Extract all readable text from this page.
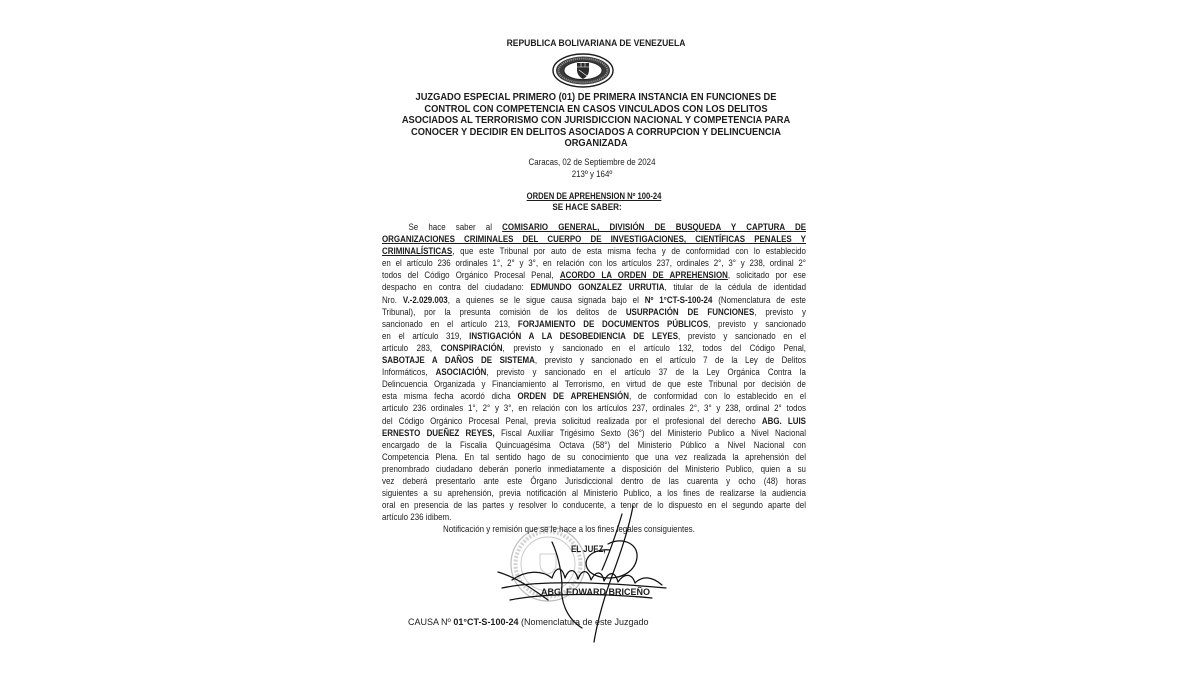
REPUBLICA BOLIVARIANA DE VENEZUELA
JUZGADO ESPECIAL PRIMERO (01) DE PRIMERA INSTANCIA EN FUNCIONES DE
CONTROL CON COMPETENCIA EN CASOS VINCULADOS CON LOS DELITOS
ASOCIADOS AL TERRORISMO CON JURISDICCION NACIONAL Y COMPETENCIA PARA
CONOCER Y DECIDIR EN DELITOS ASOCIADOS A CORRUPCION Y DELINCUENCIA
ORGANIZADA
Caracas, 02 de Septiembre de 2024
213º y 164º
ORDEN DE APREHENSION Nº 100-24
SE HACE SABER:
Se hace saber al COMISARIO GENERAL, DIVISIÓN DE BUSQUEDA Y CAPTURA DE
ORGANIZACIONES CRIMINALES DEL CUERPO DE INVESTIGACIONES, CIENTÍFICAS PENALES Y
CRIMINALÍSTICAS, que este Tribunal por auto de esta misma fecha y de conformidad con lo establecido
en el artículo 236 ordinales 1°, 2° y 3°, en relación con los artículos 237, ordinales 2°, 3° y 238, ordinal 2°
todos del Código Orgánico Procesal Penal, ACORDO LA ORDEN DE APREHENSION, solicitado por ese
despacho en contra del ciudadano: EDMUNDO GONZALEZ URRUTIA, titular de la cédula de identidad
Nro. V.-2.029.003, a quienes se le sigue causa signada bajo el Nº 1°CT-S-100-24 (Nomenclatura de este
Tribunal), por la presunta comisión de los delitos de USURPACIÓN DE FUNCIONES, previsto y
sancionado en el artículo 213, FORJAMIENTO DE DOCUMENTOS PÚBLICOS, previsto y sancionado
en el artículo 319, INSTIGACIÓN A LA DESOBEDIENCIA DE LEYES, previsto y sancionado en el
artículo 283, CONSPIRACIÓN, previsto y sancionado en el artículo 132, todos del Código Penal,
SABOTAJE A DAÑOS DE SISTEMA, previsto y sancionado en el artículo 7 de la Ley de Delitos
Informáticos, ASOCIACIÓN, previsto y sancionado en el artículo 37 de la Ley Orgánica Contra la
Delincuencia Organizada y Financiamiento al Terrorismo, en virtud de que este Tribunal por decisión de
esta misma fecha acordó dicha ORDEN DE APREHENSIÓN, de conformidad con lo establecido en el
artículo 236 ordinales 1°, 2° y 3°, en relación con los artículos 237, ordinales 2°, 3° y 238, ordinal 2° todos
del Código Orgánico Procesal Penal, previa solicitud realizada por el profesional del derecho ABG. LUIS
ERNESTO DUEÑEZ REYES, Fiscal Auxiliar Trigésimo Sexto (36°) del Ministerio Publico a Nivel Nacional
encargado de la Fiscalia Quincuagésima Octava (58°) del Ministerio Público a Nivel Nacional con
Competencia Plena. En tal sentido hago de su conocimiento que una vez realizada la aprehensión del
prenombrado ciudadano deberán ponerlo inmediatamente a disposición del Ministerio Publico, quien a su
vez deberá presentarlo ante este Órgano Jurisdiccional dentro de las cuarenta y ocho (48) horas
siguientes a su aprehensión, previa notificación al Ministerio Publico, a los fines de realizarse la audiencia
oral en presencia de las partes y resolver lo conducente, a tenor de lo dispuesto en el segundo aparte del
artículo 236 idibem.
Notificación y remisión que se le hace a los fines legales consiguientes.
EL JUEZ,
ABG. EDWARD BRICEÑO
CAUSA Nº 01°CT-S-100-24 (Nomenclatura de este Juzgado
